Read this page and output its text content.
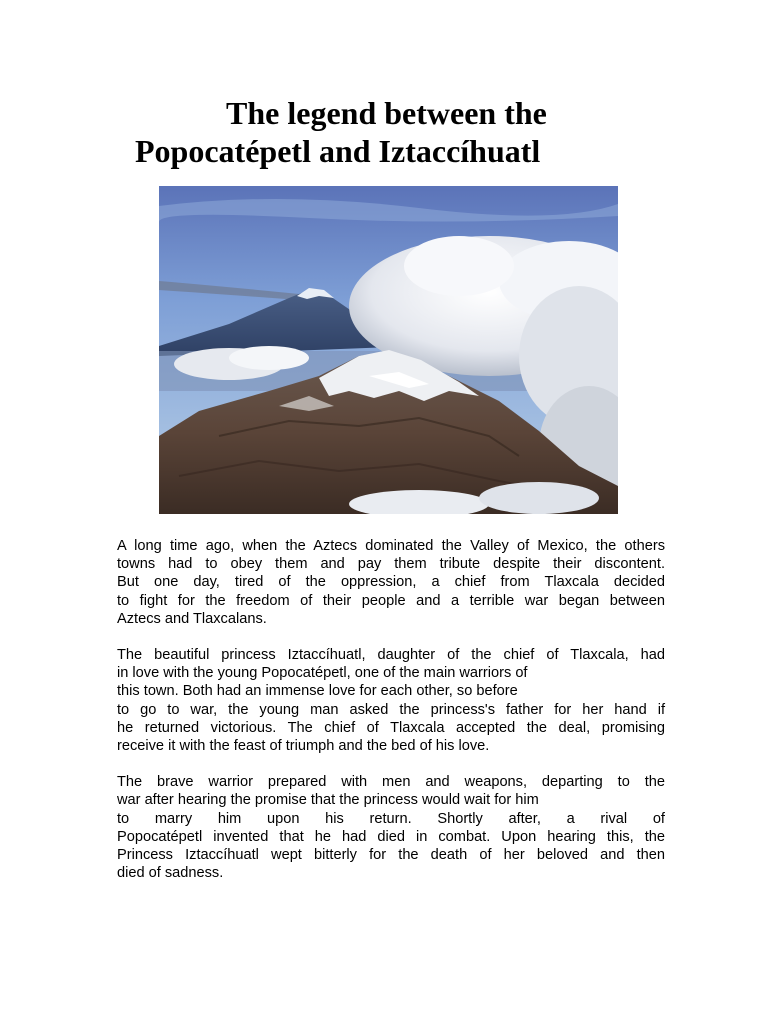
The legend between the
Popocatépetl and Iztaccíhuatl

A long time ago, when the Aztecs dominated the Valley of Mexico, the others
towns had to obey them and pay them tribute despite their discontent.
But one day, tired of the oppression, a chief from Tlaxcala decided
to fight for the freedom of their people and a terrible war began between
Aztecs and Tlaxcalans.

The beautiful princess Iztaccíhuatl, daughter of the chief of Tlaxcala, had
in love with the young Popocatépetl, one of the main warriors of
this town. Both had an immense love for each other, so before
to go to war, the young man asked the princess's father for her hand if
he returned victorious. The chief of Tlaxcala accepted the deal, promising
receive it with the feast of triumph and the bed of his love.

The brave warrior prepared with men and weapons, departing to the
war after hearing the promise that the princess would wait for him
to marry him upon his return. Shortly after, a rival of
Popocatépetl invented that he had died in combat. Upon hearing this, the
Princess Iztaccíhuatl wept bitterly for the death of her beloved and then
died of sadness.
